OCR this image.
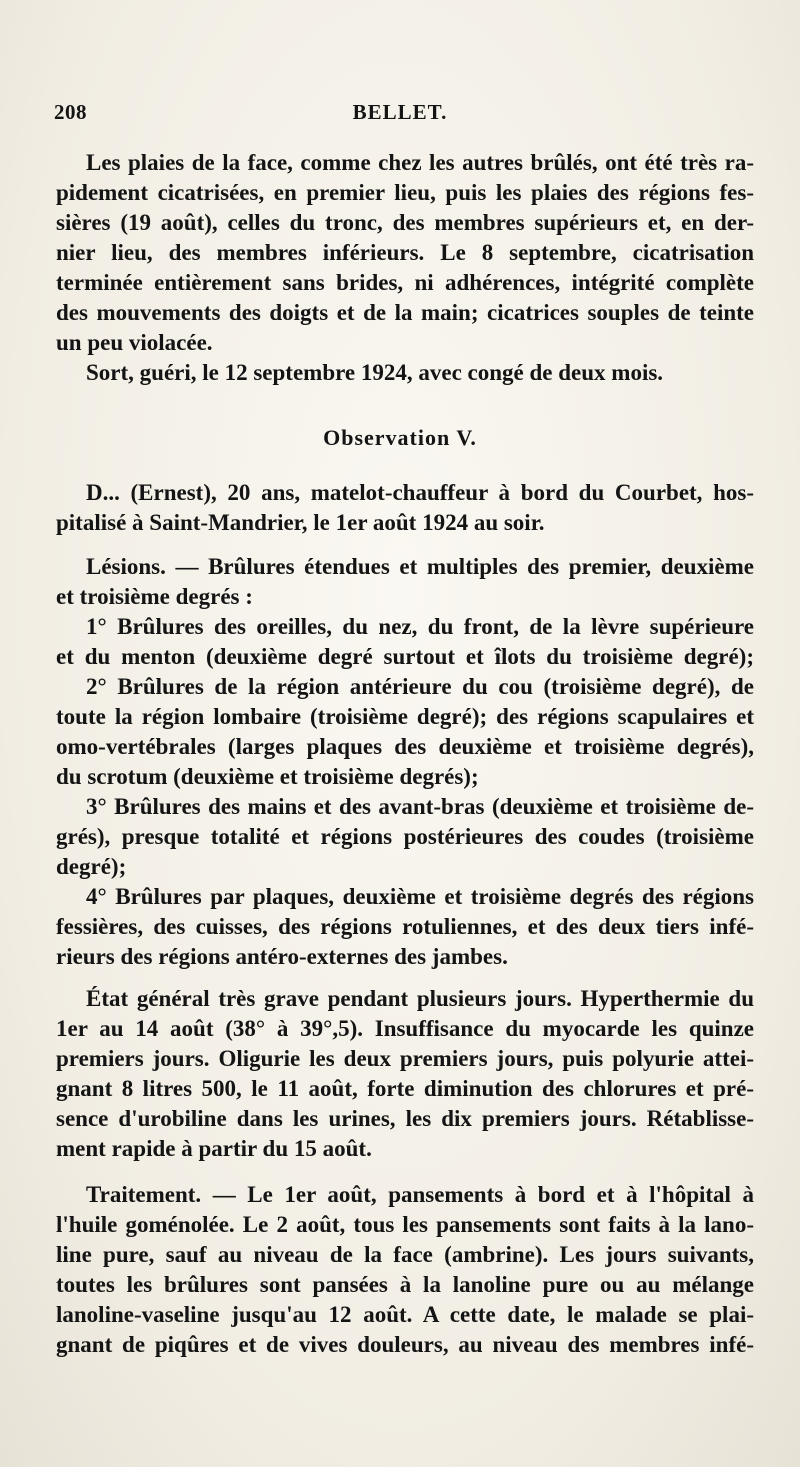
208	BELLET.
Les plaies de la face, comme chez les autres brûlés, ont été très ra-
pidement cicatrisées, en premier lieu, puis les plaies des régions fes-
sières (19 août), celles du tronc, des membres supérieurs et, en der-
nier lieu, des membres inférieurs. Le 8 septembre, cicatrisation
terminée entièrement sans brides, ni adhérences, intégrité complète
des mouvements des doigts et de la main; cicatrices souples de teinte
un peu violacée.
Sort, guéri, le 12 septembre 1924, avec congé de deux mois.
Observation V.
D... (Ernest), 20 ans, matelot-chauffeur à bord du Courbet, hos-
pitalisé à Saint-Mandrier, le 1er août 1924 au soir.
Lésions. — Brûlures étendues et multiples des premier, deuxième
et troisième degrés :
1° Brûlures des oreilles, du nez, du front, de la lèvre supérieure
et du menton (deuxième degré surtout et îlots du troisième degré);
2° Brûlures de la région antérieure du cou (troisième degré), de
toute la région lombaire (troisième degré); des régions scapulaires et
omo-vertébrales (larges plaques des deuxième et troisième degrés),
du scrotum (deuxième et troisième degrés);
3° Brûlures des mains et des avant-bras (deuxième et troisième de-
grés), presque totalité et régions postérieures des coudes (troisième
degré);
4° Brûlures par plaques, deuxième et troisième degrés des régions
fessières, des cuisses, des régions rotuliennes, et des deux tiers infé-
rieurs des régions antéro-externes des jambes.
État général très grave pendant plusieurs jours. Hyperthermie du
1er au 14 août (38° à 39°,5). Insuffisance du myocarde les quinze
premiers jours. Oligurie les deux premiers jours, puis polyurie attei-
gnant 8 litres 500, le 11 août, forte diminution des chlorures et pré-
sence d'urobiline dans les urines, les dix premiers jours. Rétablisse-
ment rapide à partir du 15 août.
Traitement. — Le 1er août, pansements à bord et à l'hôpital à
l'huile goménolée. Le 2 août, tous les pansements sont faits à la lano-
line pure, sauf au niveau de la face (ambrine). Les jours suivants,
toutes les brûlures sont pansées à la lanoline pure ou au mélange
lanoline-vaseline jusqu'au 12 août. A cette date, le malade se plai-
gnant de piqûres et de vives douleurs, au niveau des membres infé-
